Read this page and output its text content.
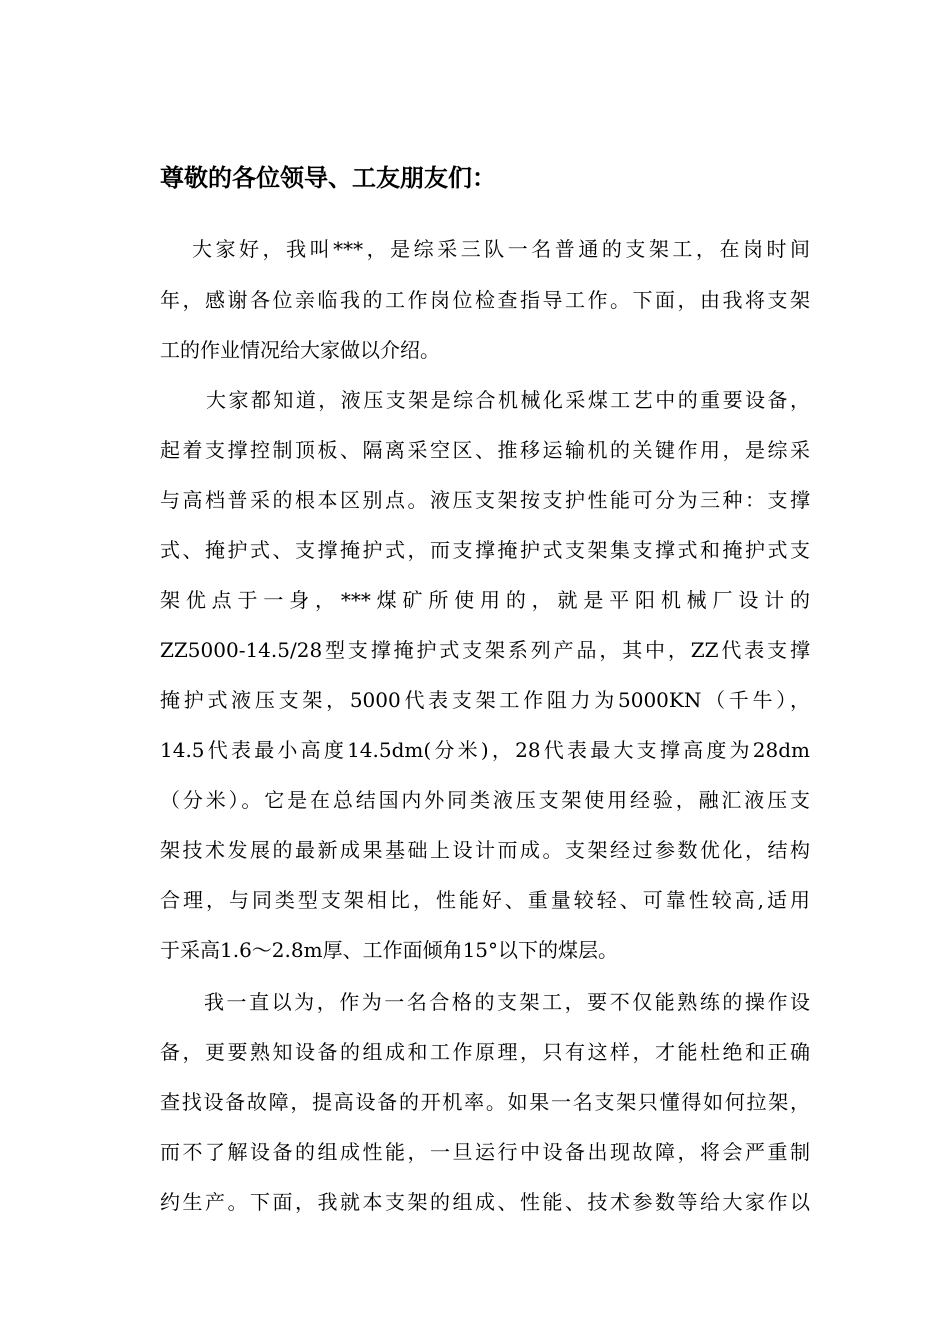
尊敬的各位领导、工友朋友们：
大家好，我叫***，是综采三队一名普通的支架工，在岗时间
年，感谢各位亲临我的工作岗位检查指导工作。下面，由我将支架
工的作业情况给大家做以介绍。
大家都知道，液压支架是综合机械化采煤工艺中的重要设备，
起着支撑控制顶板、隔离采空区、推移运输机的关键作用，是综采
与高档普采的根本区别点。液压支架按支护性能可分为三种：支撑
式、掩护式、支撑掩护式，而支撑掩护式支架集支撑式和掩护式支
架优点于一身，***煤矿所使用的，就是平阳机械厂设计的
ZZ5000-14.5/28型支撑掩护式支架系列产品，其中，ZZ代表支撑
掩护式液压支架，5000代表支架工作阻力为5000KN（千牛），
14.5代表最小高度14.5dm(分米)，28代表最大支撑高度为28dm
（分米）。它是在总结国内外同类液压支架使用经验，融汇液压支
架技术发展的最新成果基础上设计而成。支架经过参数优化，结构
合理，与同类型支架相比，性能好、重量较轻、可靠性较高,适用
于采高1.6～2.8m厚、工作面倾角15°以下的煤层。
我一直以为，作为一名合格的支架工，要不仅能熟练的操作设
备，更要熟知设备的组成和工作原理，只有这样，才能杜绝和正确
查找设备故障，提高设备的开机率。如果一名支架只懂得如何拉架，
而不了解设备的组成性能，一旦运行中设备出现故障，将会严重制
约生产。下面，我就本支架的组成、性能、技术参数等给大家作以
